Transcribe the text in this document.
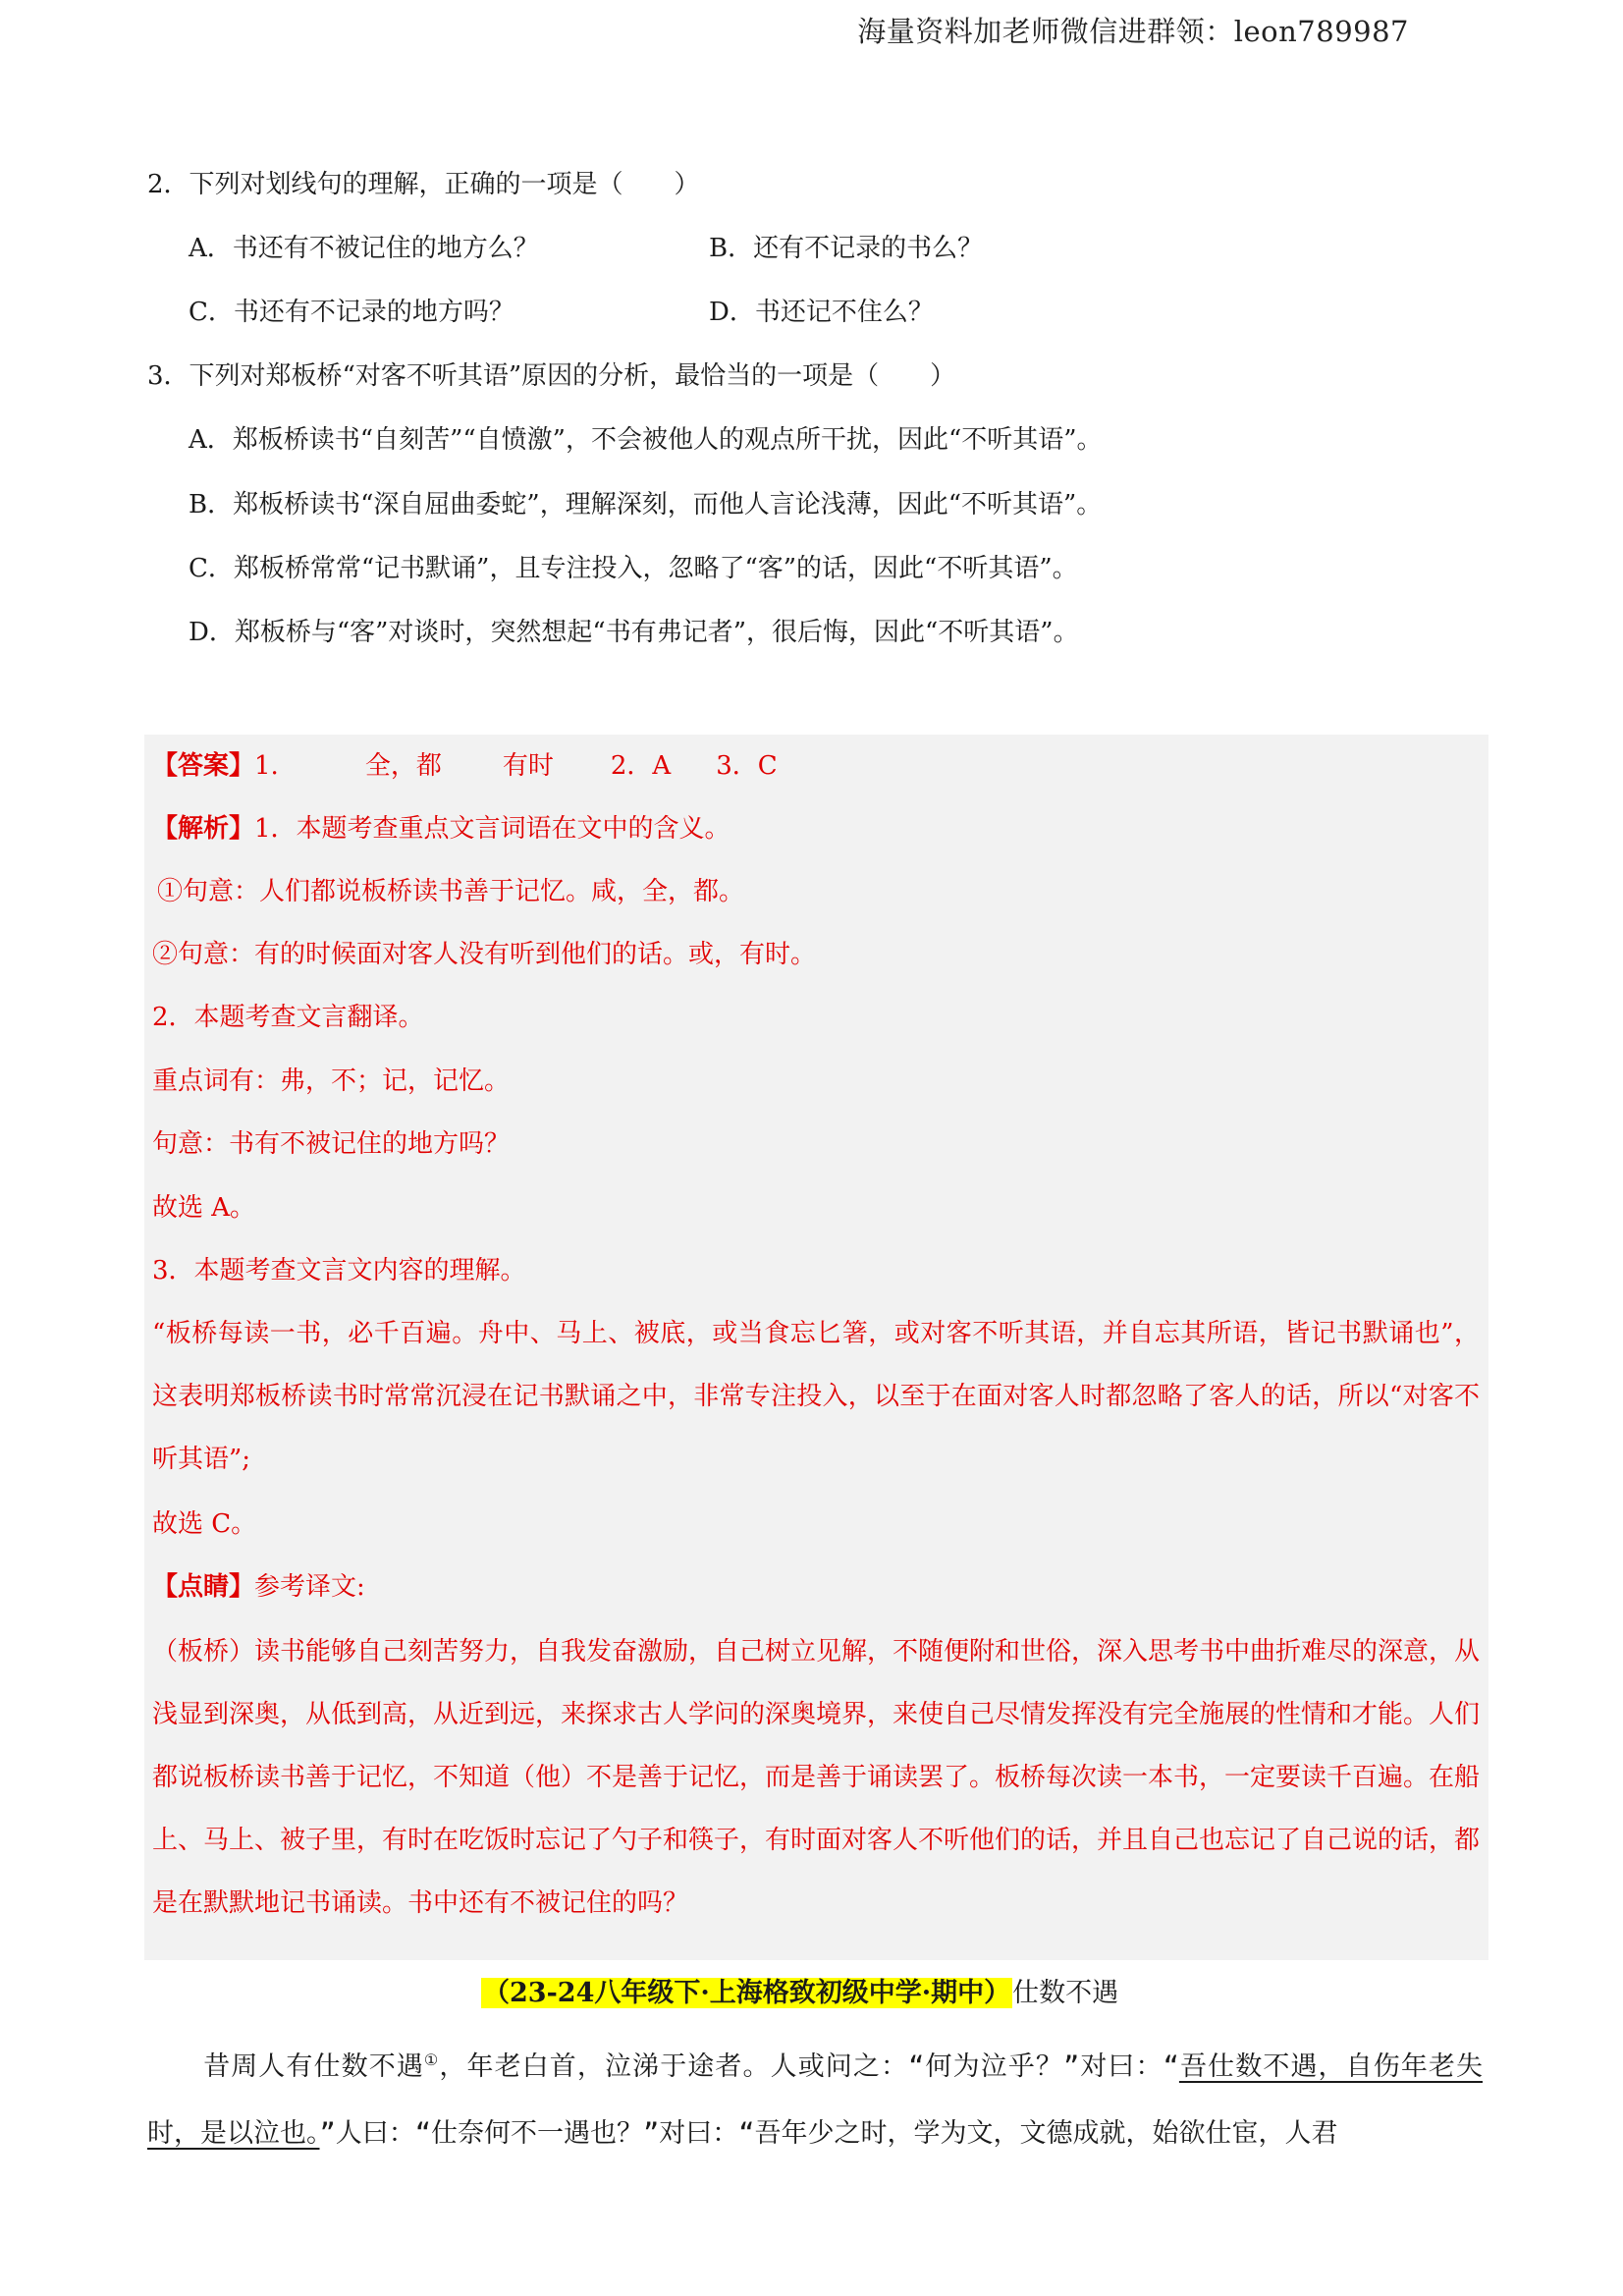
海量资料加老师微信进群领：leon789987
2．下列对划线句的理解，正确的一项是（　　）
A．书还有不被记住的地方么？	B．还有不记录的书么？
C．书还有不记录的地方吗？	D．书还记不住么？
3．下列对郑板桥“对客不听其语”原因的分析，最恰当的一项是（　　）
A．郑板桥读书“自刻苦”“自愤激”，不会被他人的观点所干扰，因此“不听其语”。
B．郑板桥读书“深自屈曲委蛇”，理解深刻，而他人言论浅薄，因此“不听其语”。
C．郑板桥常常“记书默诵”，且专注投入，忽略了“客”的话，因此“不听其语”。
D．郑板桥与“客”对谈时，突然想起“书有弗记者”，很后悔，因此“不听其语”。
【答案】1.	全，都 有时 2．A 3．C
【解析】1．本题考查重点文言词语在文中的含义。
①句意：人们都说板桥读书善于记忆。咸，全，都。
②句意：有的时候面对客人没有听到他们的话。或，有时。
2．本题考查文言翻译。
重点词有：弗，不；记，记忆。
句意：书有不被记住的地方吗？
故选 A。
3．本题考查文言文内容的理解。
“板桥每读一书，必千百遍。舟中、马上、被底，或当食忘匕箸，或对客不听其语，并自忘其所语，皆记书默诵也”，这表明郑板桥读书时常常沉浸在记书默诵之中，非常专注投入，以至于在面对客人时都忽略了客人的话，所以“对客不听其语”;
故选 C。
【点睛】参考译文:
（板桥）读书能够自己刻苦努力，自我发奋激励，自己树立见解，不随便附和世俗，深入思考书中曲折难尽的深意，从浅显到深奥，从低到高，从近到远，来探求古人学问的深奥境界，来使自己尽情发挥没有完全施展的性情和才能。人们都说板桥读书善于记忆，不知道（他）不是善于记忆，而是善于诵读罢了。板桥每次读一本书，一定要读千百遍。在船上、马上、被子里，有时在吃饭时忘记了勺子和筷子，有时面对客人不听他们的话，并且自己也忘记了自己说的话，都是在默默地记书诵读。书中还有不被记住的吗？
（23-24八年级下·上海格致初级中学·期中）仕数不遇
昔周人有仕数不遇①，年老白首，泣涕于途者。人或问之：“何为泣乎？”对曰：“吾仕数不遇，自伤年老失时，是以泣也。”人曰：“仕奈何不一遇也？”对曰：“吾年少之时，学为文，文德成就，始欲仕宦，人君
